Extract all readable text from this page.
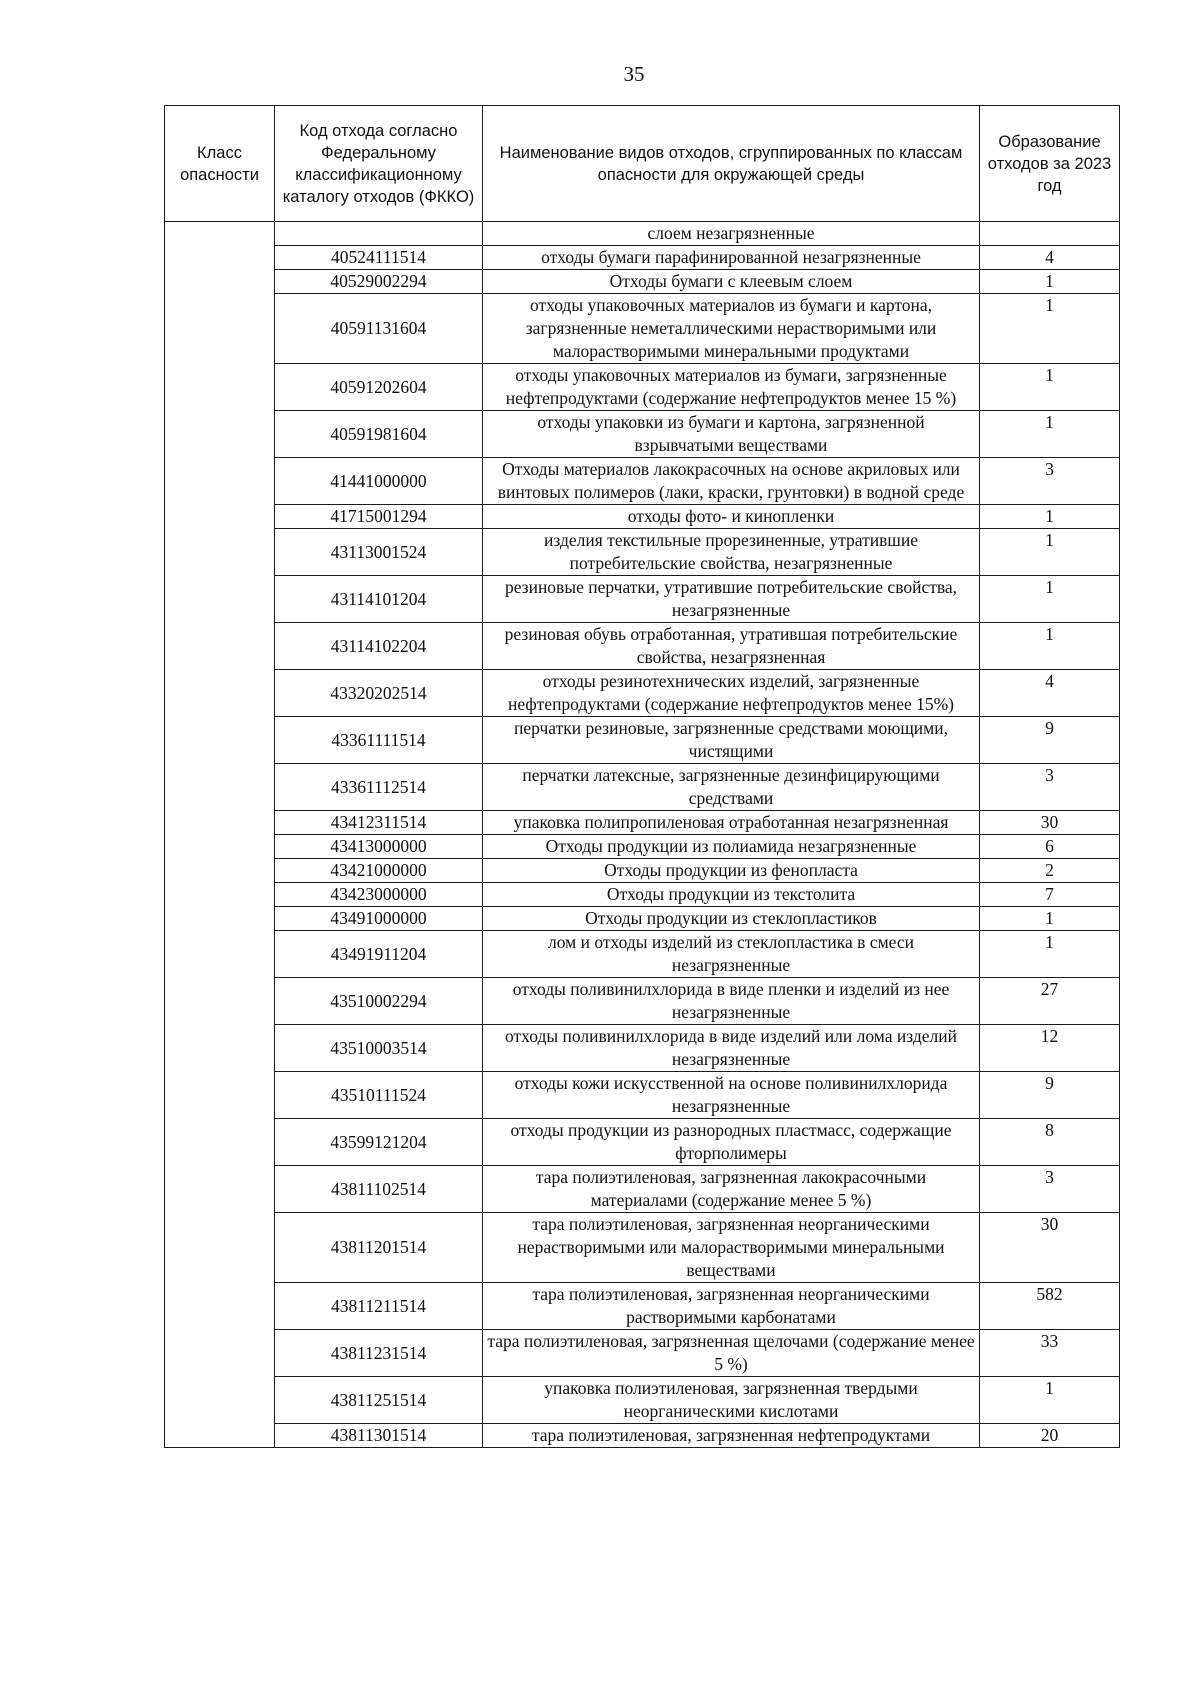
35
Класс опасности	Код отхода согласно Федеральному классификационному каталогу отходов (ФККО)	Наименование видов отходов, сгруппированных по классам опасности для окружающей среды	Образование отходов за 2023 год
		слоем незагрязненные	
	40524111514	отходы бумаги парафинированной незагрязненные	4
	40529002294	Отходы бумаги с клеевым слоем	1
	40591131604	отходы упаковочных материалов из бумаги и картона, загрязненные неметаллическими нерастворимыми или малорастворимыми минеральными продуктами	1
	40591202604	отходы упаковочных материалов из бумаги, загрязненные нефтепродуктами (содержание нефтепродуктов менее 15 %)	1
	40591981604	отходы упаковки из бумаги и картона, загрязненной взрывчатыми веществами	1
	41441000000	Отходы материалов лакокрасочных на основе акриловых или винтовых полимеров (лаки, краски, грунтовки) в водной среде	3
	41715001294	отходы фото- и кинопленки	1
	43113001524	изделия текстильные прорезиненные, утратившие потребительские свойства, незагрязненные	1
	43114101204	резиновые перчатки, утратившие потребительские свойства, незагрязненные	1
	43114102204	резиновая обувь отработанная, утратившая потребительские свойства, незагрязненная	1
	43320202514	отходы резинотехнических изделий, загрязненные нефтепродуктами (содержание нефтепродуктов менее 15%)	4
	43361111514	перчатки резиновые, загрязненные средствами моющими, чистящими	9
	43361112514	перчатки латексные, загрязненные дезинфицирующими средствами	3
	43412311514	упаковка полипропиленовая отработанная незагрязненная	30
	43413000000	Отходы продукции из полиамида незагрязненные	6
	43421000000	Отходы продукции из фенопласта	2
	43423000000	Отходы продукции из текстолита	7
	43491000000	Отходы продукции из стеклопластиков	1
	43491911204	лом и отходы изделий из стеклопластика в смеси незагрязненные	1
	43510002294	отходы поливинилхлорида в виде пленки и изделий из нее незагрязненные	27
	43510003514	отходы поливинилхлорида в виде изделий или лома изделий незагрязненные	12
	43510111524	отходы кожи искусственной на основе поливинилхлорида незагрязненные	9
	43599121204	отходы продукции из разнородных пластмасс, содержащие фторполимеры	8
	43811102514	тара полиэтиленовая, загрязненная лакокрасочными материалами (содержание менее 5 %)	3
	43811201514	тара полиэтиленовая, загрязненная неорганическими нерастворимыми или малорастворимыми минеральными веществами	30
	43811211514	тара полиэтиленовая, загрязненная неорганическими растворимыми карбонатами	582
	43811231514	тара полиэтиленовая, загрязненная щелочами (содержание менее 5 %)	33
	43811251514	упаковка полиэтиленовая, загрязненная твердыми неорганическими кислотами	1
	43811301514	тара полиэтиленовая, загрязненная нефтепродуктами	20
